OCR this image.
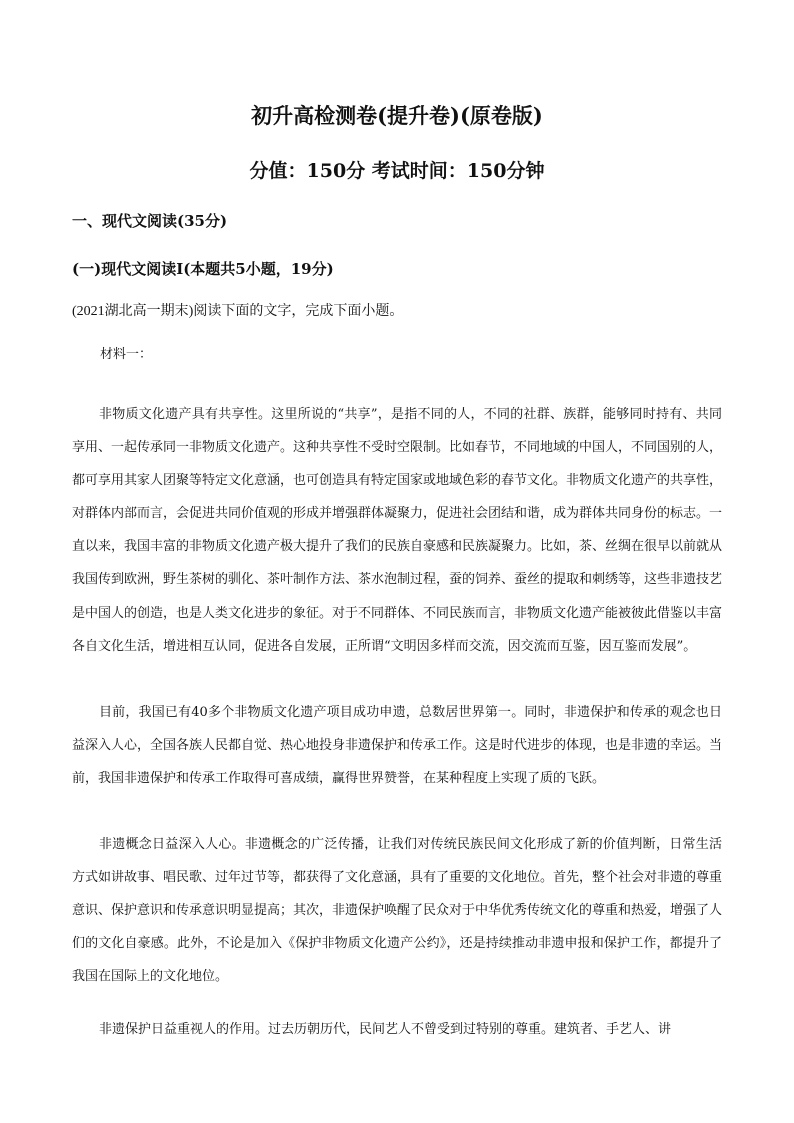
初升高检测卷(提升卷)(原卷版)
分值：150分 考试时间：150分钟
一、现代文阅读(35分)
(一)现代文阅读Ⅰ(本题共5小题，19分)
(2021湖北高一期末)阅读下面的文字，完成下面小题。
材料一：

非物质文化遗产具有共享性。这里所说的“共享”，是指不同的人，不同的社群、族群，能够同时持有、共同享用、一起传承同一非物质文化遗产。这种共享性不受时空限制。比如春节，不同地域的中国人，不同国别的人，都可享用其家人团聚等特定文化意涵，也可创造具有特定国家或地域色彩的春节文化。非物质文化遗产的共享性，对群体内部而言，会促进共同价值观的形成并增强群体凝聚力，促进社会团结和谐，成为群体共同身份的标志。一直以来，我国丰富的非物质文化遗产极大提升了我们的民族自豪感和民族凝聚力。比如，茶、丝绸在很早以前就从我国传到欧洲，野生茶树的驯化、茶叶制作方法、茶水泡制过程，蚕的饲养、蚕丝的提取和刺绣等，这些非遗技艺是中国人的创造，也是人类文化进步的象征。对于不同群体、不同民族而言，非物质文化遗产能被彼此借鉴以丰富各自文化生活，增进相互认同，促进各自发展，正所谓“文明因多样而交流，因交流而互鉴，因互鉴而发展”。

目前，我国已有40多个非物质文化遗产项目成功申遗，总数居世界第一。同时，非遗保护和传承的观念也日益深入人心，全国各族人民都自觉、热心地投身非遗保护和传承工作。这是时代进步的体现，也是非遗的幸运。当前，我国非遗保护和传承工作取得可喜成绩，赢得世界赞誉，在某种程度上实现了质的飞跃。

非遗概念日益深入人心。非遗概念的广泛传播，让我们对传统民族民间文化形成了新的价值判断，日常生活方式如讲故事、唱民歌、过年过节等，都获得了文化意涵，具有了重要的文化地位。首先，整个社会对非遗的尊重意识、保护意识和传承意识明显提高；其次，非遗保护唤醒了民众对于中华优秀传统文化的尊重和热爱，增强了人们的文化自豪感。此外，不论是加入《保护非物质文化遗产公约》，还是持续推动非遗申报和保护工作，都提升了我国在国际上的文化地位。

非遗保护日益重视人的作用。过去历朝历代，民间艺人不曾受到过特别的尊重。建筑者、手艺人、讲
